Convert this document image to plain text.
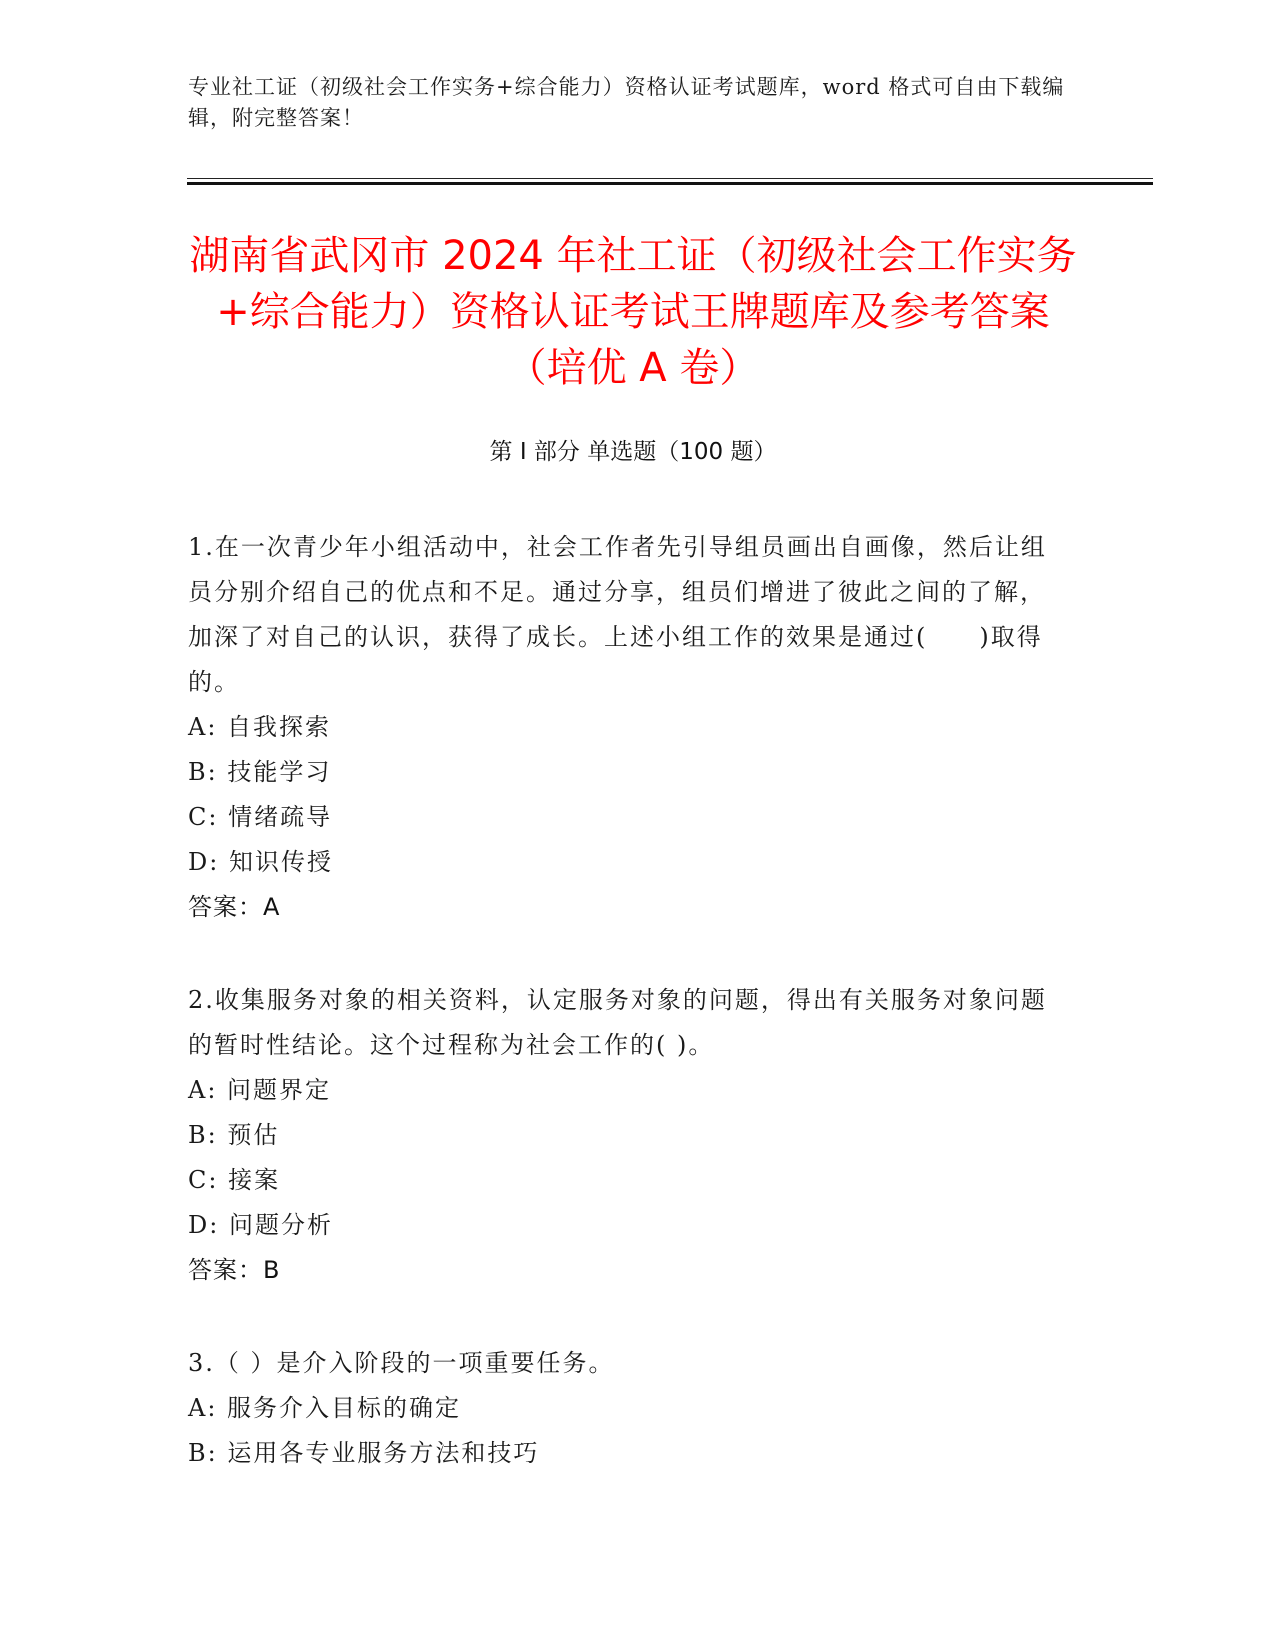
专业社工证（初级社会工作实务+综合能力）资格认证考试题库，word 格式可自由下载编辑，附完整答案！
湖南省武冈市 2024 年社工证（初级社会工作实务+综合能力）资格认证考试王牌题库及参考答案（培优 A 卷）
第 I 部分 单选题（100 题）

1.在一次青少年小组活动中，社会工作者先引导组员画出自画像，然后让组员分别介绍自己的优点和不足。通过分享，组员们增进了彼此之间的了解，加深了对自己的认识，获得了成长。上述小组工作的效果是通过(　　)取得的。

A: 自我探索

B: 技能学习

C: 情绪疏导

D: 知识传授

答案：A

2.收集服务对象的相关资料，认定服务对象的问题，得出有关服务对象问题的暂时性结论。这个过程称为社会工作的( )。

A: 问题界定

B: 预估

C: 接案

D: 问题分析

答案：B

3.（ ）是介入阶段的一项重要任务。

A: 服务介入目标的确定

B: 运用各专业服务方法和技巧
